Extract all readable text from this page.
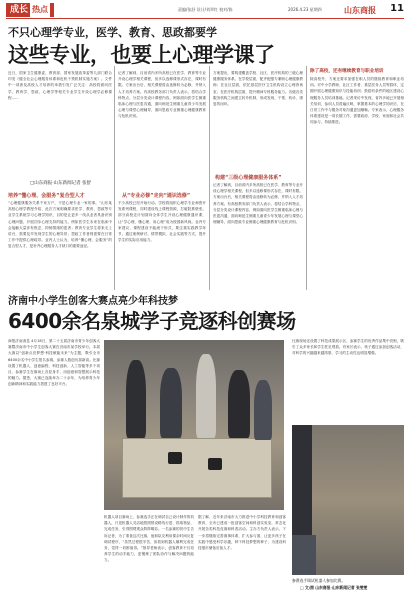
成长 热点	责编/张舒 设计/刘翠红 校对/陈	2026.4.23 星期四	山东商报 11
不只心理学专业，医学、教育、思政都要学
这些专业，也要上心理学课了

近日，国家卫生健康委、教育部、国家发展改革委等九部门联合印发《健全社会心理服务体系和危机干预机制实施方案》。文件中一项涉及高校人才培养的举措引发广泛关注：高校将面向医学、教育学、思政、心理学等相关专业学生开设心理学必修课程……

□山东商报·山东新闻记者 张舒
培养“懂心理、会服务”复合型人才

“心理健康服务关系千家万户，不是心理专业一家的事。”山东某高校心理学教授介绍，此次方案明确要求医学、教育、思政等专业学生系统学习心理学知识，目的是让更多一线从业者具备识别心理问题、开展初步心理支持的能力。例如医学生未来在临床中会接触大量伴有焦虑、抑郁情绪的患者；教育专业学生将来走上讲台，需要及早发现学生的心理异常；思政工作者则需要在日常工作中提供心理疏导。业内人士认为，培养“懂心理、会服务”的复合型人才，是补齐心理服务人才缺口的重要途径。

记者了解到，目前省内多所高校已在医学、教育等专业开设心理学相关课程，但多以选修课形式存在，课时有限。方案出台后，相关课程将由选修转为必修，并纳入人才培养方案。有高校教务部门负责人表示，将结合学科特点，分层分类设计课程内容，例如面向医学生侧重临床心理与医患沟通，面向师范生侧重儿童青少年发展心理与课堂心理辅导，面向思政专业侧重心理健康教育与危机识别。

从“专业必修”走向“通识选修”

不少高校已经开始行动。学校将组织心理学专业师资开发系列课程，同时建设线上课程资源，打破院系壁垒。部分高校还计划面向全体学生开设心理健康通识课，让“学心理、懂心理、用心理”成为校园新风尚。业内专家建议，课程建设不能流于形式，要注重实践教学环节，通过案例研讨、情景模拟、社会实践等方式，提升学生的实际应用能力。

方案提出，要构建覆盖学校、社区、医疗机构的三级心理健康服务体系。在学校层面，配齐配强专兼职心理健康教师；在社区层面，依托基层医疗卫生机构设立心理咨询室；在医疗机构层面，提升精神专科服务能力。各级各类服务机构之间建立转介机制，形成发现、干预、转诊、康复的闭环。

构建“三级心理健康服务体系”

记者了解到，目前省内多所高校已在医学、教育等专业开设心理学相关课程，但多以选修课形式存在，课时有限。方案出台后，相关课程将由选修转为必修，并纳入人才培养方案。有高校教务部门负责人表示，将结合学科特点，分层分类设计课程内容，例如面向医学生侧重临床心理与医患沟通，面向师范生侧重儿童青少年发展心理与课堂心理辅导，面向思政专业侧重心理健康教育与危机识别。

除了高校，还有继续教育与职业培训

除高校外，方案还要求加强在职人员的继续教育和职业培训。对中小学教师、社区工作者、基层医务人员等群体，定期开展心理健康知识与技能培训；鼓励有条件的地区建设心理服务人员培训基地。记者采访中发现，省内多地已开展相关培训，参训人员普遍反映，掌握基本的心理学知识后，在日常工作中与服务对象沟通更加顺畅。专家表示，心理服务体系建设是一项长期工作，需要政府、学校、家庭和社会共同参与，持续推进。

济南中小学生创客大赛点亮少年科技梦
6400余名泉城学子竞逐科创赛场

商报济南消息 4月18日，第二十五届济南市青少年创客大赛暨济南市中小学生创客大赛在济南市某学校举行。本届大赛以“创新点亮梦想·科技赋能未来”为主题，吸引全市6400余名中小学生报名参赛，参赛人数创历届新高。比赛设置了机器人、创意编程、科技创新、人工智能等多个项目，参赛学生在赛场上各显身手，用创意和智慧展示科技的魅力。据悉，大赛已连续举办二十余年，为培养青少年创新精神和实践能力搭建了良好平台。

机器人项目赛场上，参赛选手正在调试自己设计制作的机器人，只见机器人灵活地按照预设路线行进、抓取物品、完成任务，引得围观观众阵阵喝彩。一名参赛的初中生告诉记者，为了准备这次比赛，他和队友利用课余时间反复调试程序，“虽然过程很辛苦，但看到机器人顺利完成任务，觉得一切都值得。”指导老师表示，创客教育不仅培养学生的动手能力，更锻炼了团队协作与解决问题的能力。

据了解，近年来济南市大力推进中小学科技教育和创客教育，全市已建成一批创客空间和科创实验室，常态化开展各类科技竞赛和科普活动。主办方负责人表示，下一步将继续完善赛事体系，扩大参与面，让更多孩子在实践中感受科学乐趣，种下科技梦想的种子，为建设科技强市储备后备人才。

比赛现场还设置了科技成果展示区，参赛学生的优秀作品集中亮相，吸引了众多家长和学生驻足观看。有家长表示，孩子通过参加创客活动，对科学的兴趣越来越浓厚，学习的主动性也明显增强。

参赛选手调试机器人参加比赛。
□ 文/图 山东商报·山东新闻记者 张雯雯
